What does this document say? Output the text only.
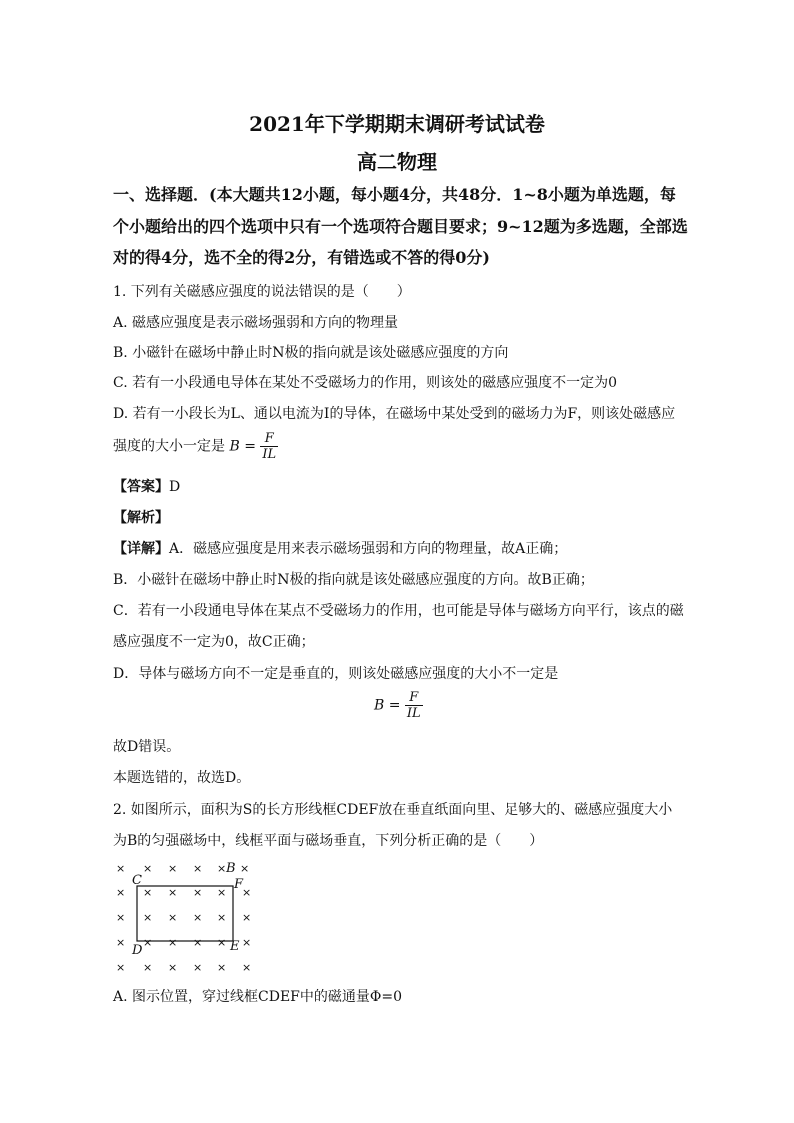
2021年下学期期末调研考试试卷
高二物理
一、选择题．(本大题共12小题，每小题4分，共48分．1~8小题为单选题，每
个小题给出的四个选项中只有一个选项符合题目要求；9~12题为多选题，全部选
对的得4分，选不全的得2分，有错选或不答的得0分)
1. 下列有关磁感应强度的说法错误的是（　　）
A. 磁感应强度是表示磁场强弱和方向的物理量
B. 小磁针在磁场中静止时N极的指向就是该处磁感应强度的方向
C. 若有一小段通电导体在某处不受磁场力的作用，则该处的磁感应强度不一定为0
D. 若有一小段长为L、通以电流为I的导体，在磁场中某处受到的磁场力为F，则该处磁感应
强度的大小一定是 $B = \frac{F}{IL}$
【答案】D
【解析】
【详解】A．磁感应强度是用来表示磁场强弱和方向的物理量，故A正确；
B．小磁针在磁场中静止时N极的指向就是该处磁感应强度的方向。故B正确；
C．若有一小段通电导体在某点不受磁场力的作用，也可能是导体与磁场方向平行，该点的磁
感应强度不一定为0，故C正确；
D．导体与磁场方向不一定是垂直的，则该处磁感应强度的大小不一定是
$B = \frac{F}{IL}$
故D错误。
本题选错的，故选D。
2. 如图所示，面积为S的长方形线框CDEF放在垂直纸面向里、足够大的、磁感应强度大小
为B的匀强磁场中，线框平面与磁场垂直，下列分析正确的是（　　）
× × × × ×
× × × × × ×
× × × × × ×
× × × × × ×
× × × × × ×
×
B
C	F
D	E
A. 图示位置，穿过线框CDEF中的磁通量Φ=0
